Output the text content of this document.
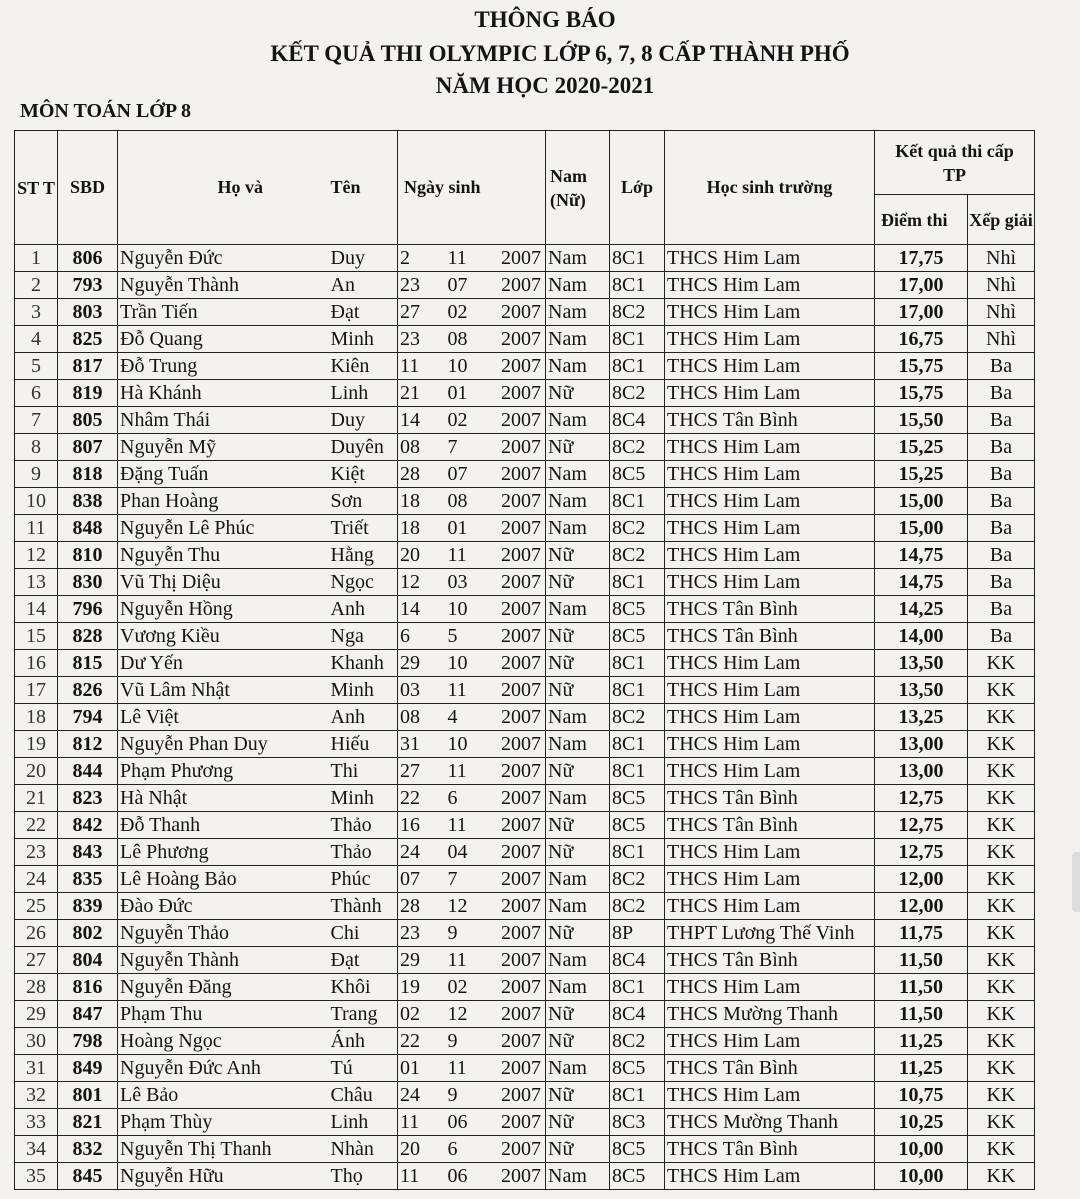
THÔNG BÁO
KẾT QUẢ THI OLYMPIC LỚP 6, 7, 8 CẤP THÀNH PHỐ
NĂM HỌC 2020-2021
MÔN TOÁN LỚP 8
ST T	SBD	Họ và	Tên	Ngày sinh			Nam (Nữ)	Lớp	Học sinh trường	Kết quả thi cấp TP	
										Điểm thi	Xếp giải
1	806	Nguyễn Đức	Duy	2	11	2007	Nam	8C1	THCS Him Lam	17,75	Nhì
2	793	Nguyễn Thành	An	23	07	2007	Nam	8C1	THCS Him Lam	17,00	Nhì
3	803	Trần Tiến	Đạt	27	02	2007	Nam	8C2	THCS Him Lam	17,00	Nhì
4	825	Đỗ Quang	Minh	23	08	2007	Nam	8C1	THCS Him Lam	16,75	Nhì
5	817	Đỗ Trung	Kiên	11	10	2007	Nam	8C1	THCS Him Lam	15,75	Ba
6	819	Hà Khánh	Linh	21	01	2007	Nữ	8C2	THCS Him Lam	15,75	Ba
7	805	Nhâm Thái	Duy	14	02	2007	Nam	8C4	THCS Tân Bình	15,50	Ba
8	807	Nguyễn Mỹ	Duyên	08	7	2007	Nữ	8C2	THCS Him Lam	15,25	Ba
9	818	Đặng Tuấn	Kiệt	28	07	2007	Nam	8C5	THCS Him Lam	15,25	Ba
10	838	Phan Hoàng	Sơn	18	08	2007	Nam	8C1	THCS Him Lam	15,00	Ba
11	848	Nguyễn Lê Phúc	Triết	18	01	2007	Nam	8C2	THCS Him Lam	15,00	Ba
12	810	Nguyễn Thu	Hằng	20	11	2007	Nữ	8C2	THCS Him Lam	14,75	Ba
13	830	Vũ Thị Diệu	Ngọc	12	03	2007	Nữ	8C1	THCS Him Lam	14,75	Ba
14	796	Nguyễn Hồng	Anh	14	10	2007	Nam	8C5	THCS Tân Bình	14,25	Ba
15	828	Vương Kiều	Nga	6	5	2007	Nữ	8C5	THCS Tân Bình	14,00	Ba
16	815	Dư Yến	Khanh	29	10	2007	Nữ	8C1	THCS Him Lam	13,50	KK
17	826	Vũ Lâm Nhật	Minh	03	11	2007	Nữ	8C1	THCS Him Lam	13,50	KK
18	794	Lê Việt	Anh	08	4	2007	Nam	8C2	THCS Him Lam	13,25	KK
19	812	Nguyễn Phan Duy	Hiếu	31	10	2007	Nam	8C1	THCS Him Lam	13,00	KK
20	844	Phạm Phương	Thi	27	11	2007	Nữ	8C1	THCS Him Lam	13,00	KK
21	823	Hà Nhật	Minh	22	6	2007	Nam	8C5	THCS Tân Bình	12,75	KK
22	842	Đỗ Thanh	Thảo	16	11	2007	Nữ	8C5	THCS Tân Bình	12,75	KK
23	843	Lê Phương	Thảo	24	04	2007	Nữ	8C1	THCS Him Lam	12,75	KK
24	835	Lê Hoàng Bảo	Phúc	07	7	2007	Nam	8C2	THCS Him Lam	12,00	KK
25	839	Đào Đức	Thành	28	12	2007	Nam	8C2	THCS Him Lam	12,00	KK
26	802	Nguyễn Thảo	Chi	23	9	2007	Nữ	8P	THPT Lương Thế Vinh	11,75	KK
27	804	Nguyễn Thành	Đạt	29	11	2007	Nam	8C4	THCS Tân Bình	11,50	KK
28	816	Nguyễn Đăng	Khôi	19	02	2007	Nam	8C1	THCS Him Lam	11,50	KK
29	847	Phạm Thu	Trang	02	12	2007	Nữ	8C4	THCS Mường Thanh	11,50	KK
30	798	Hoàng Ngọc	Ánh	22	9	2007	Nữ	8C2	THCS Him Lam	11,25	KK
31	849	Nguyễn Đức Anh	Tú	01	11	2007	Nam	8C5	THCS Tân Bình	11,25	KK
32	801	Lê Bảo	Châu	24	9	2007	Nữ	8C1	THCS Him Lam	10,75	KK
33	821	Phạm Thùy	Linh	11	06	2007	Nữ	8C3	THCS Mường Thanh	10,25	KK
34	832	Nguyễn Thị Thanh	Nhàn	20	6	2007	Nữ	8C5	THCS Tân Bình	10,00	KK
35	845	Nguyễn Hữu	Thọ	11	06	2007	Nam	8C5	THCS Him Lam	10,00	KK
